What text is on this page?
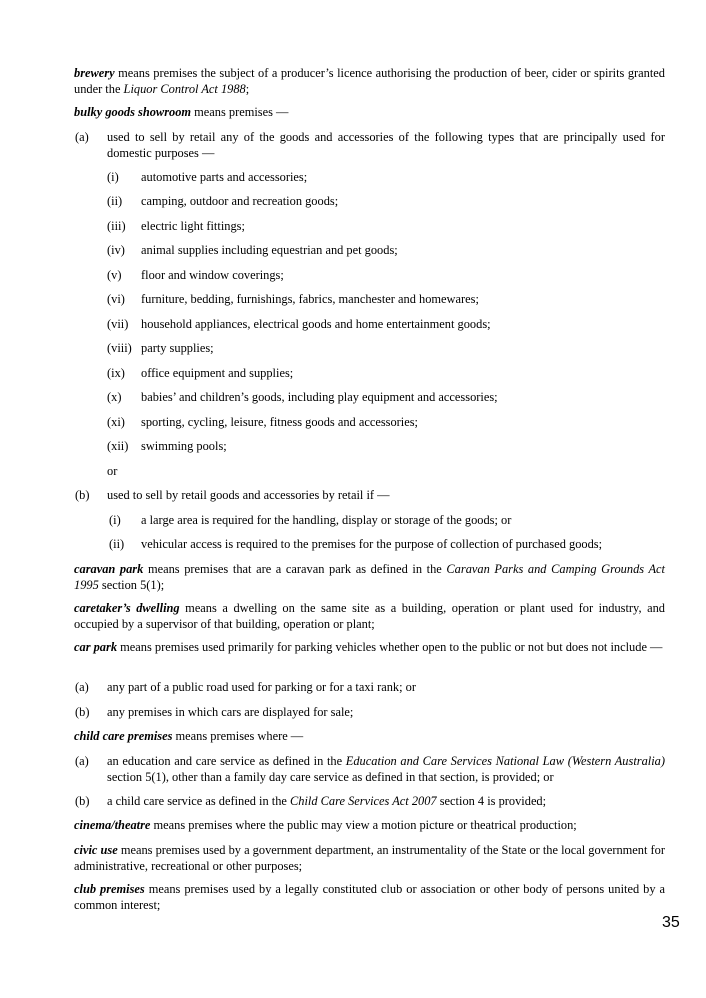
brewery means premises the subject of a producer’s licence authorising the production of beer, cider or spirits granted under the Liquor Control Act 1988;
bulky goods showroom means premises —
(a) used to sell by retail any of the goods and accessories of the following types that are principally used for domestic purposes —
(i) automotive parts and accessories;
(ii) camping, outdoor and recreation goods;
(iii) electric light fittings;
(iv) animal supplies including equestrian and pet goods;
(v) floor and window coverings;
(vi) furniture, bedding, furnishings, fabrics, manchester and homewares;
(vii) household appliances, electrical goods and home entertainment goods;
(viii) party supplies;
(ix) office equipment and supplies;
(x) babies’ and children’s goods, including play equipment and accessories;
(xi) sporting, cycling, leisure, fitness goods and accessories;
(xii) swimming pools;
or
(b) used to sell by retail goods and accessories by retail if —
(i) a large area is required for the handling, display or storage of the goods; or
(ii) vehicular access is required to the premises for the purpose of collection of purchased goods;
caravan park means premises that are a caravan park as defined in the Caravan Parks and Camping Grounds Act 1995 section 5(1);
caretaker’s dwelling means a dwelling on the same site as a building, operation or plant used for industry, and occupied by a supervisor of that building, operation or plant;
car park means premises used primarily for parking vehicles whether open to the public or not but does not include —
(a) any part of a public road used for parking or for a taxi rank; or
(b) any premises in which cars are displayed for sale;
child care premises means premises where —
(a) an education and care service as defined in the Education and Care Services National Law (Western Australia) section 5(1), other than a family day care service as defined in that section, is provided; or
(b) a child care service as defined in the Child Care Services Act 2007 section 4 is provided;
cinema/theatre means premises where the public may view a motion picture or theatrical production;
civic use means premises used by a government department, an instrumentality of the State or the local government for administrative, recreational or other purposes;
club premises means premises used by a legally constituted club or association or other body of persons united by a common interest;
35
